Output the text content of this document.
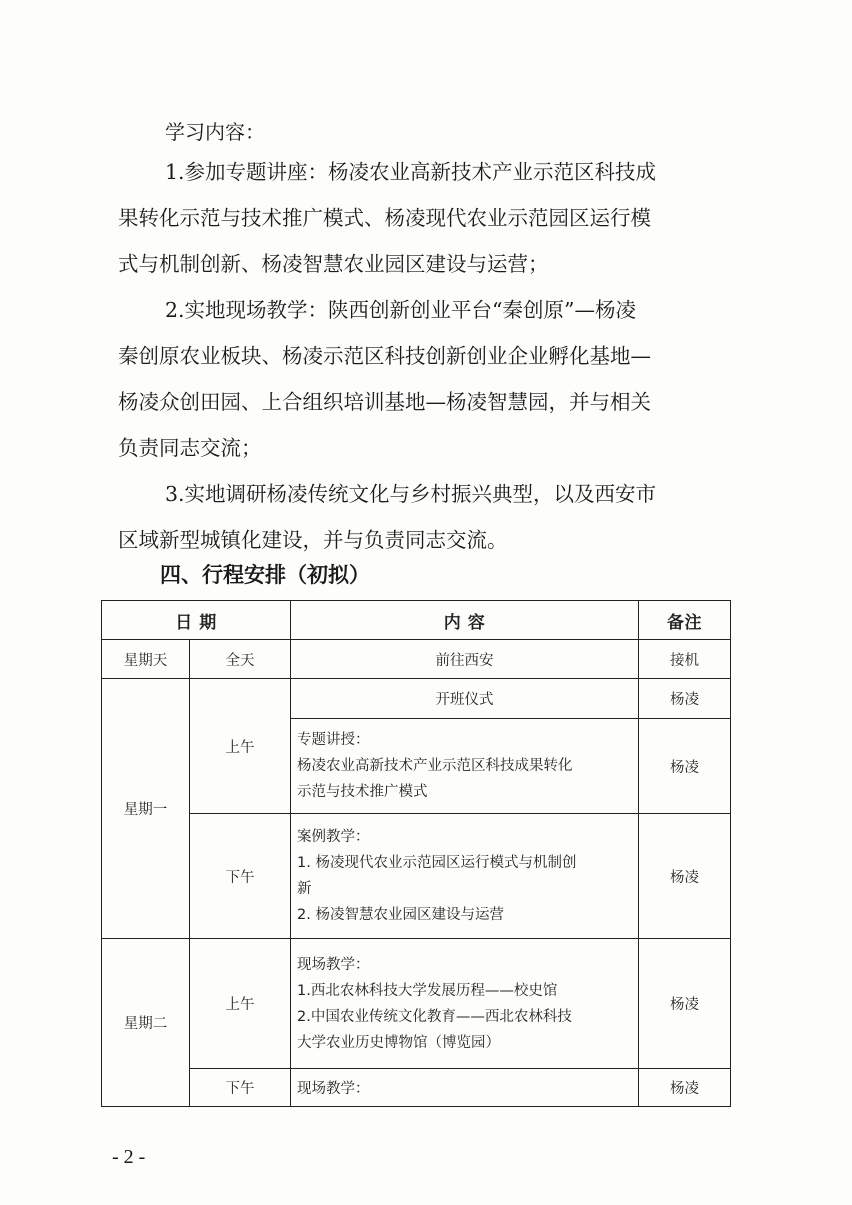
学习内容：
1.参加专题讲座：杨凌农业高新技术产业示范区科技成
果转化示范与技术推广模式、杨凌现代农业示范园区运行模
式与机制创新、杨凌智慧农业园区建设与运营；
2.实地现场教学：陕西创新创业平台“秦创原”—杨凌
秦创原农业板块、杨凌示范区科技创新创业企业孵化基地—
杨凌众创田园、上合组织培训基地—杨凌智慧园，并与相关
负责同志交流；
3.实地调研杨凌传统文化与乡村振兴典型，以及西安市
区域新型城镇化建设，并与负责同志交流。
四、行程安排（初拟）
日 期		内 容	备注
星期天	全天	前往西安	接机
星期一	上午	开班仪式	杨凌

		专题讲授：
杨凌农业高新技术产业示范区科技成果转化
示范与技术推广模式	杨凌
	下午	案例教学：
1. 杨凌现代农业示范园区运行模式与机制创
新
2. 杨凌智慧农业园区建设与运营	杨凌
星期二	上午	现场教学：
1.西北农林科技大学发展历程——校史馆
2.中国农业传统文化教育——西北农林科技
大学农业历史博物馆（博览园）	杨凌
	下午	现场教学：	杨凌
- 2 -
